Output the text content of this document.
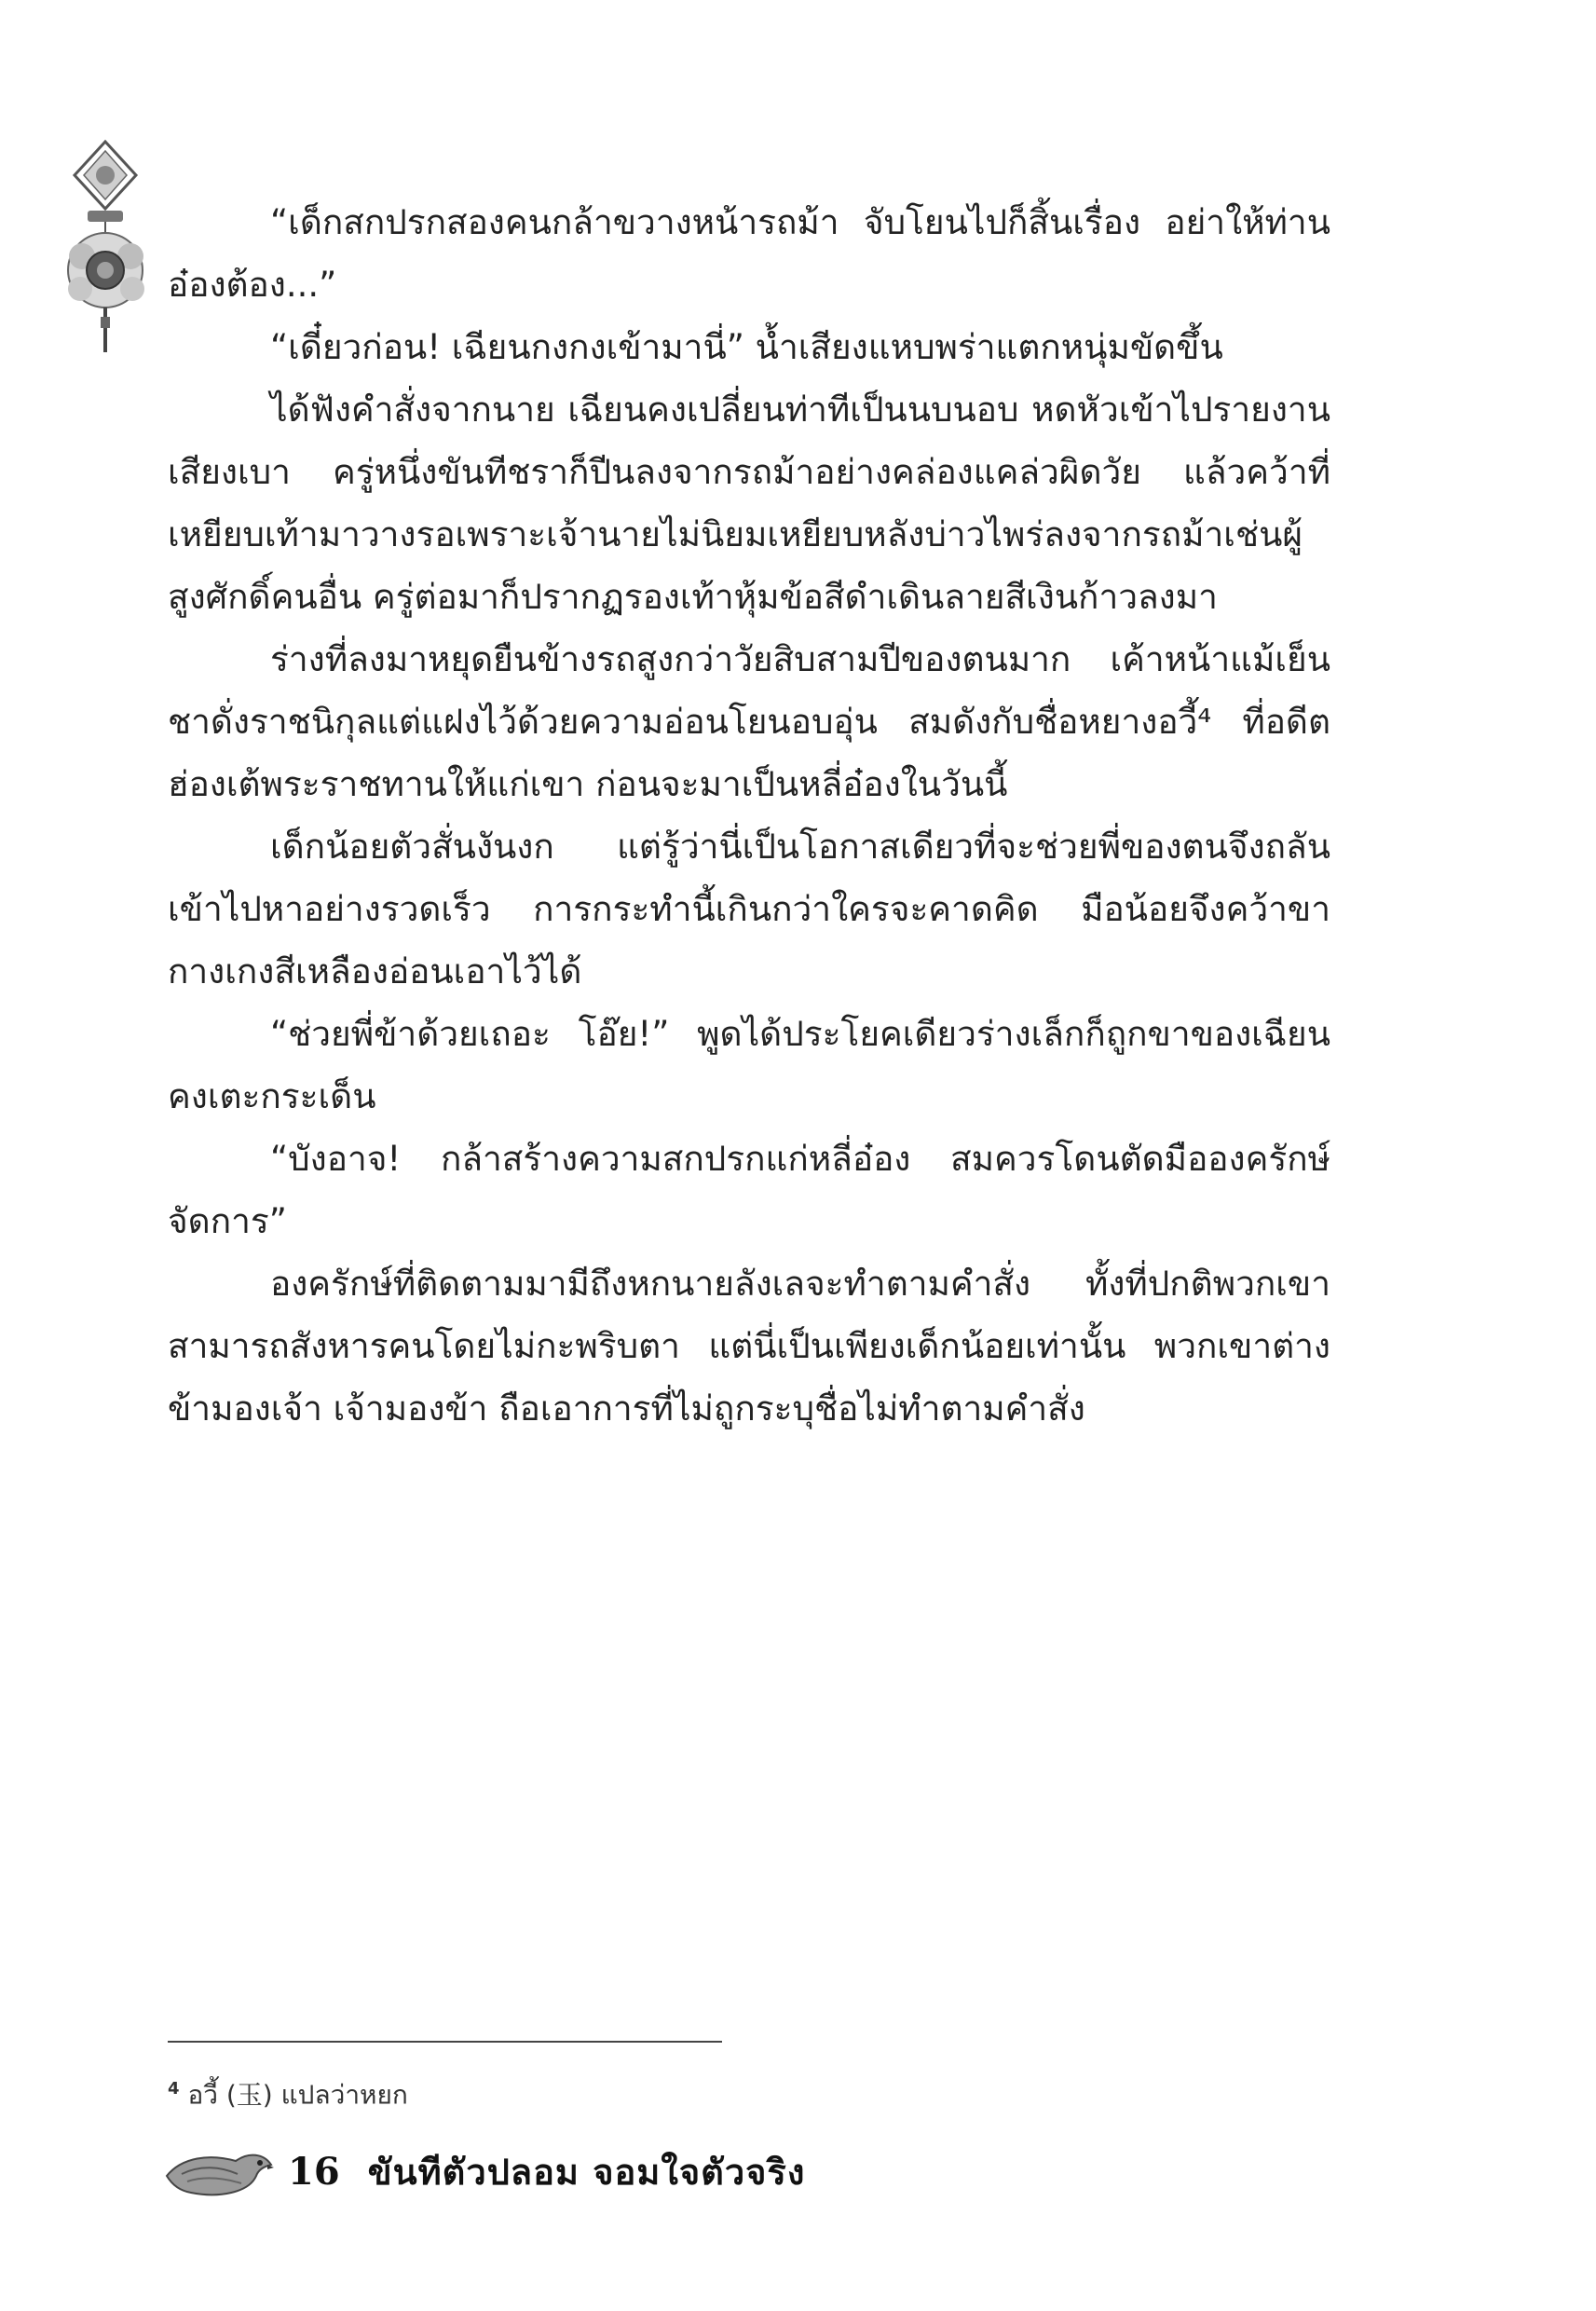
“เด็กสกปรกสองคนกล้าขวางหน้ารถม้า จับโยนไปก็สิ้นเรื่อง อย่าให้ท่านอ๋องต้อง...”

“เดี๋ยวก่อน! เฉียนกงกงเข้ามานี่” น้ำเสียงแหบพร่าแตกหนุ่มขัดขึ้น

ได้ฟังคำสั่งจากนาย เฉียนคงเปลี่ยนท่าทีเป็นนบนอบ หดหัวเข้าไปรายงานเสียงเบา ครู่หนึ่งขันทีชราก็ปีนลงจากรถม้าอย่างคล่องแคล่วผิดวัย แล้วคว้าที่เหยียบเท้ามาวางรอเพราะเจ้านายไม่นิยมเหยียบหลังบ่าวไพร่ลงจากรถม้าเช่นผู้สูงศักดิ์คนอื่น ครู่ต่อมาก็ปรากฏรองเท้าหุ้มข้อสีดำเดินลายสีเงินก้าวลงมา

ร่างที่ลงมาหยุดยืนข้างรถสูงกว่าวัยสิบสามปีของตนมาก เค้าหน้าแม้เย็นชาดั่งราชนิกุลแต่แฝงไว้ด้วยความอ่อนโยนอบอุ่น สมดังกับชื่อหยางอวี้⁴ ที่อดีตฮ่องเต้พระราชทานให้แก่เขา ก่อนจะมาเป็นหลี่อ๋องในวันนี้

เด็กน้อยตัวสั่นงันงก แต่รู้ว่านี่เป็นโอกาสเดียวที่จะช่วยพี่ของตนจึงถลันเข้าไปหาอย่างรวดเร็ว การกระทำนี้เกินกว่าใครจะคาดคิด มือน้อยจึงคว้าขากางเกงสีเหลืองอ่อนเอาไว้ได้

“ช่วยพี่ข้าด้วยเถอะ โอ๊ย!” พูดได้ประโยคเดียวร่างเล็กก็ถูกขาของเฉียนคงเตะกระเด็น

“บังอาจ! กล้าสร้างความสกปรกแก่หลี่อ๋อง สมควรโดนตัดมือองครักษ์จัดการ”

องครักษ์ที่ติดตามมามีถึงหกนายลังเลจะทำตามคำสั่ง ทั้งที่ปกติพวกเขาสามารถสังหารคนโดยไม่กะพริบตา แต่นี่เป็นเพียงเด็กน้อยเท่านั้น พวกเขาต่างข้ามองเจ้า เจ้ามองข้า ถือเอาการที่ไม่ถูกระบุชื่อไม่ทำตามคำสั่ง

$^4$ อวี้ (玉) แปลว่าหยก
16 ขันทีตัวปลอม จอมใจตัวจริง
